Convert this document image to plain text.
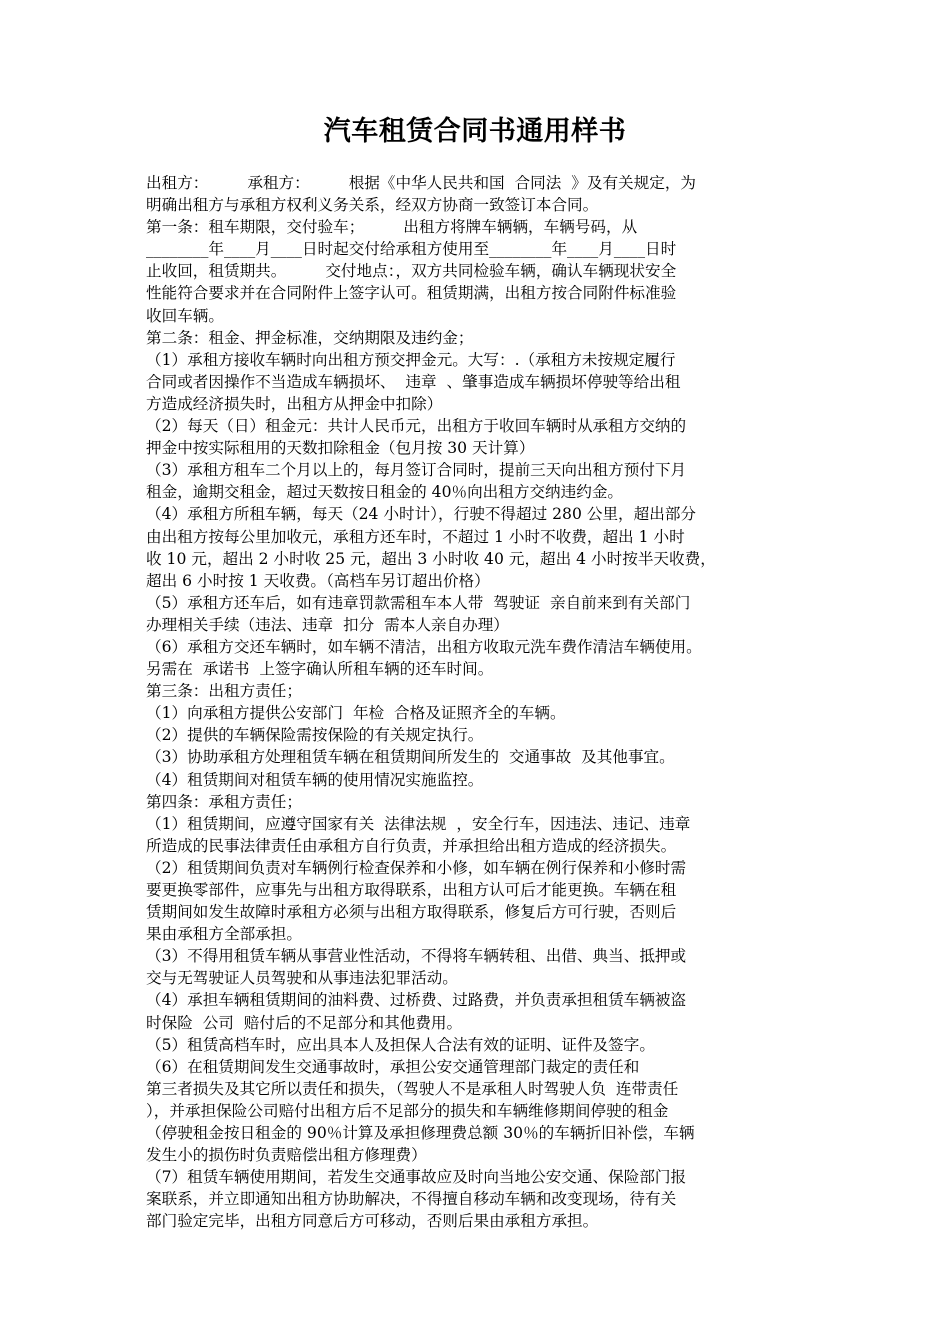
汽车租赁合同书通用样书
出租方：　　　承租方：　　　根据《中华人民共和国  合同法  》及有关规定，为
明确出租方与承租方权利义务关系，经双方协商一致签订本合同。
第一条：租车期限，交付验车；　　　出租方将牌车辆辆，车辆号码，从
________年____月____日时起交付给承租方使用至________年____月____日时
止收回，租赁期共。　　　交付地点：，双方共同检验车辆，确认车辆现状安全
性能符合要求并在合同附件上签字认可。租赁期满，出租方按合同附件标准验
收回车辆。
第二条：租金、押金标准，交纳期限及违约金；
（1）承租方接收车辆时向出租方预交押金元。大写：.（承租方未按规定履行
合同或者因操作不当造成车辆损坏、  违章  、肇事造成车辆损坏停驶等给出租
方造成经济损失时，出租方从押金中扣除）
（2）每天（日）租金元：共计人民币元，出租方于收回车辆时从承租方交纳的
押金中按实际租用的天数扣除租金（包月按 30 天计算）
（3）承租方租车二个月以上的，每月签订合同时，提前三天向出租方预付下月
租金，逾期交租金，超过天数按日租金的 40％向出租方交纳违约金。
（4）承租方所租车辆，每天（24 小时计），行驶不得超过 280 公里，超出部分
由出租方按每公里加收元，承租方还车时，不超过 1 小时不收费，超出 1 小时
收 10 元，超出 2 小时收 25 元，超出 3 小时收 40 元，超出 4 小时按半天收费，
超出 6 小时按 1 天收费。（高档车另订超出价格）
（5）承租方还车后，如有违章罚款需租车本人带  驾驶证  亲自前来到有关部门
办理相关手续（违法、违章  扣分  需本人亲自办理）
（6）承租方交还车辆时，如车辆不清洁，出租方收取元洗车费作清洁车辆使用。
另需在  承诺书  上签字确认所租车辆的还车时间。
第三条：出租方责任；
（1）向承租方提供公安部门  年检  合格及证照齐全的车辆。
（2）提供的车辆保险需按保险的有关规定执行。
（3）协助承租方处理租赁车辆在租赁期间所发生的  交通事故  及其他事宜。
（4）租赁期间对租赁车辆的使用情况实施监控。
第四条：承租方责任；
（1）租赁期间，应遵守国家有关  法律法规  ，安全行车，因违法、违记、违章
所造成的民事法律责任由承租方自行负责，并承担给出租方造成的经济损失。
（2）租赁期间负责对车辆例行检查保养和小修，如车辆在例行保养和小修时需
要更换零部件，应事先与出租方取得联系，出租方认可后才能更换。车辆在租
赁期间如发生故障时承租方必须与出租方取得联系，修复后方可行驶，否则后
果由承租方全部承担。
（3）不得用租赁车辆从事营业性活动，不得将车辆转租、出借、典当、抵押或
交与无驾驶证人员驾驶和从事违法犯罪活动。
（4）承担车辆租赁期间的油料费、过桥费、过路费，并负责承担租赁车辆被盗
时保险  公司  赔付后的不足部分和其他费用。
（5）租赁高档车时，应出具本人及担保人合法有效的证明、证件及签字。
（6）在租赁期间发生交通事故时，承担公安交通管理部门裁定的责任和
第三者损失及其它所以责任和损失，（驾驶人不是承租人时驾驶人负  连带责任
），并承担保险公司赔付出租方后不足部分的损失和车辆维修期间停驶的租金
（停驶租金按日租金的 90％计算及承担修理费总额 30％的车辆折旧补偿，车辆
发生小的损伤时负责赔偿出租方修理费）
（7）租赁车辆使用期间，若发生交通事故应及时向当地公安交通、保险部门报
案联系，并立即通知出租方协助解决，不得擅自移动车辆和改变现场，待有关
部门验定完毕，出租方同意后方可移动，否则后果由承租方承担。
